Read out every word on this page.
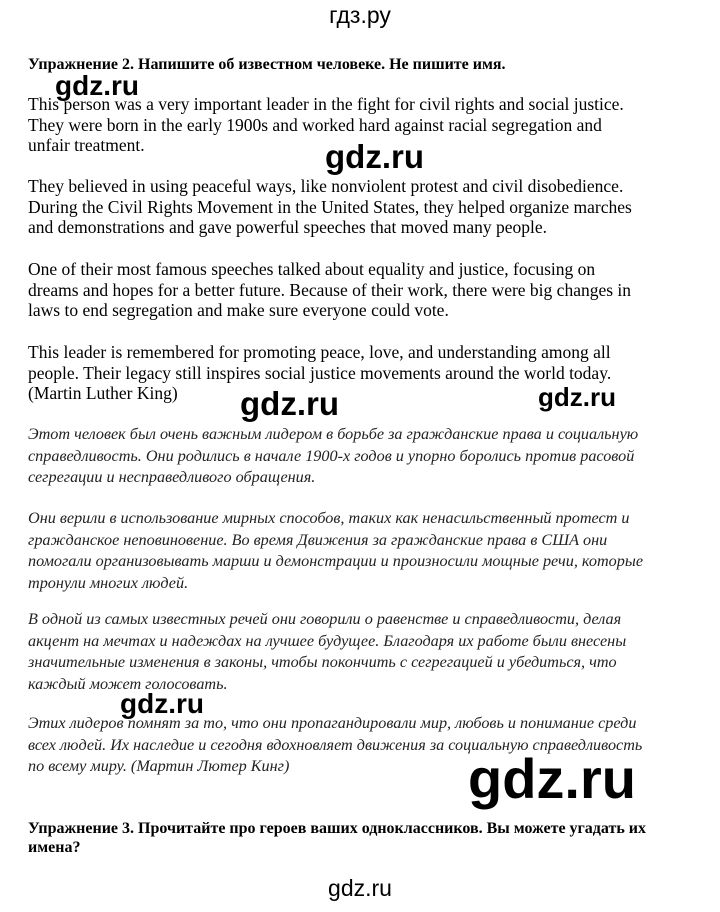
гдз.ру

Упражнение 2. Напишите об известном человеке. Не пишите имя.

This person was a very important leader in the fight for civil rights and social justice. They were born in the early 1900s and worked hard against racial segregation and unfair treatment.

They believed in using peaceful ways, like nonviolent protest and civil disobedience. During the Civil Rights Movement in the United States, they helped organize marches and demonstrations and gave powerful speeches that moved many people.

One of their most famous speeches talked about equality and justice, focusing on dreams and hopes for a better future. Because of their work, there were big changes in laws to end segregation and make sure everyone could vote.

This leader is remembered for promoting peace, love, and understanding among all people. Their legacy still inspires social justice movements around the world today. (Martin Luther King)

Этот человек был очень важным лидером в борьбе за гражданские права и социальную справедливость. Они родились в начале 1900-х годов и упорно боролись против расовой сегрегации и несправедливого обращения.

Они верили в использование мирных способов, таких как ненасильственный протест и гражданское неповиновение. Во время Движения за гражданские права в США они помогали организовывать марши и демонстрации и произносили мощные речи, которые тронули многих людей.

В одной из самых известных речей они говорили о равенстве и справедливости, делая акцент на мечтах и надеждах на лучшее будущее. Благодаря их работе были внесены значительные изменения в законы, чтобы покончить с сегрегацией и убедиться, что каждый может голосовать.

Этих лидеров помнят за то, что они пропагандировали мир, любовь и понимание среди всех людей. Их наследие и сегодня вдохновляет движения за социальную справедливость по всему миру. (Мартин Лютер Кинг)

Упражнение 3. Прочитайте про героев ваших одноклассников. Вы можете угадать их имена?

gdz.ru
gdz.ru
gdz.ru	gdz.ru
gdz.ru
gdz.ru
gdz.ru
